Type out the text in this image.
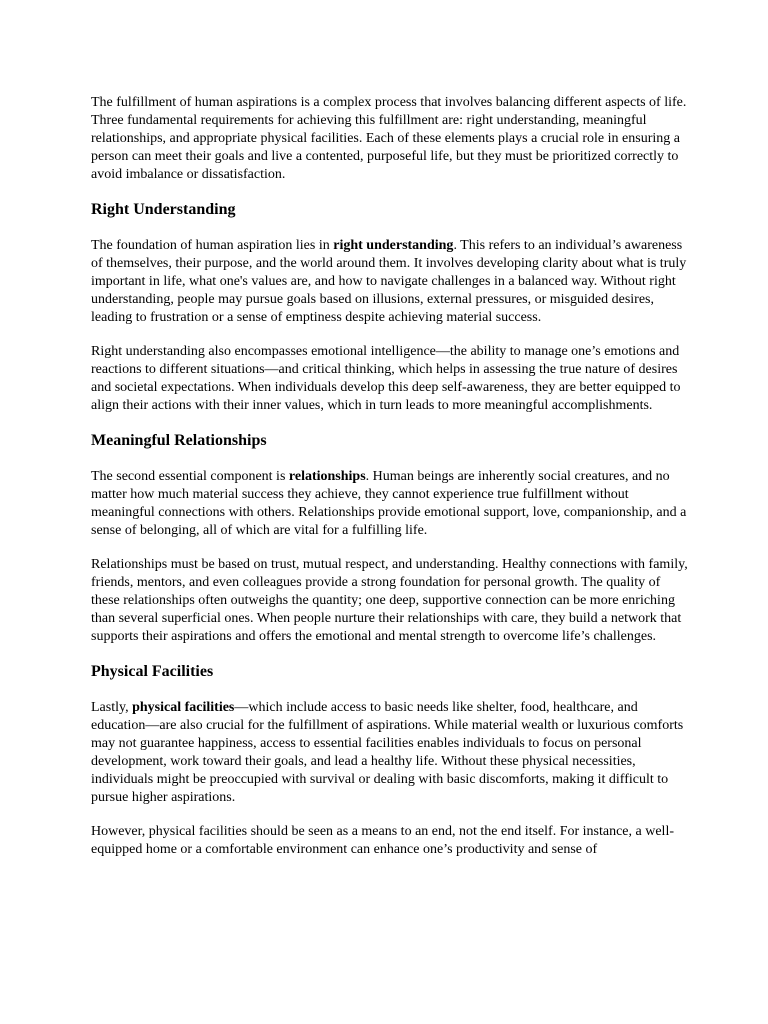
The fulfillment of human aspirations is a complex process that involves balancing different aspects of life. Three fundamental requirements for achieving this fulfillment are: right understanding, meaningful relationships, and appropriate physical facilities. Each of these elements plays a crucial role in ensuring a person can meet their goals and live a contented, purposeful life, but they must be prioritized correctly to avoid imbalance or dissatisfaction.

Right Understanding

The foundation of human aspiration lies in right understanding. This refers to an individual’s awareness of themselves, their purpose, and the world around them. It involves developing clarity about what is truly important in life, what one's values are, and how to navigate challenges in a balanced way. Without right understanding, people may pursue goals based on illusions, external pressures, or misguided desires, leading to frustration or a sense of emptiness despite achieving material success.

Right understanding also encompasses emotional intelligence—the ability to manage one’s emotions and reactions to different situations—and critical thinking, which helps in assessing the true nature of desires and societal expectations. When individuals develop this deep self-awareness, they are better equipped to align their actions with their inner values, which in turn leads to more meaningful accomplishments.

Meaningful Relationships

The second essential component is relationships. Human beings are inherently social creatures, and no matter how much material success they achieve, they cannot experience true fulfillment without meaningful connections with others. Relationships provide emotional support, love, companionship, and a sense of belonging, all of which are vital for a fulfilling life.

Relationships must be based on trust, mutual respect, and understanding. Healthy connections with family, friends, mentors, and even colleagues provide a strong foundation for personal growth. The quality of these relationships often outweighs the quantity; one deep, supportive connection can be more enriching than several superficial ones. When people nurture their relationships with care, they build a network that supports their aspirations and offers the emotional and mental strength to overcome life’s challenges.

Physical Facilities

Lastly, physical facilities—which include access to basic needs like shelter, food, healthcare, and education—are also crucial for the fulfillment of aspirations. While material wealth or luxurious comforts may not guarantee happiness, access to essential facilities enables individuals to focus on personal development, work toward their goals, and lead a healthy life. Without these physical necessities, individuals might be preoccupied with survival or dealing with basic discomforts, making it difficult to pursue higher aspirations.

However, physical facilities should be seen as a means to an end, not the end itself. For instance, a well-equipped home or a comfortable environment can enhance one’s productivity and sense of
